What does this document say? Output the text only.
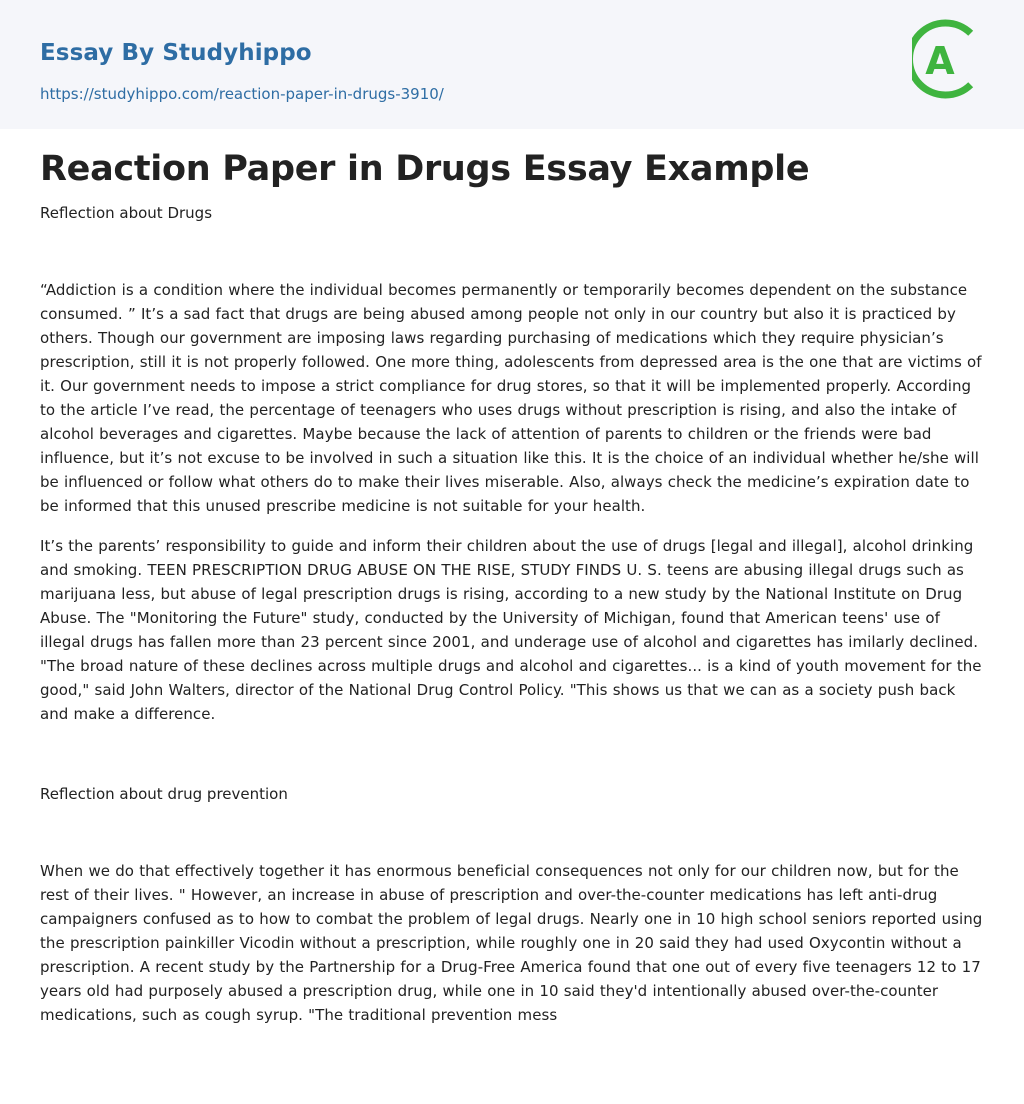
Essay By Studyhippo
https://studyhippo.com/reaction-paper-in-drugs-3910/
A
Reaction Paper in Drugs Essay Example

Reflection about Drugs

“Addiction is a condition where the individual becomes permanently or temporarily becomes dependent on the substance consumed. ” It’s a sad fact that drugs are being abused among people not only in our country but also it is practiced by others. Though our government are imposing laws regarding purchasing of medications which they require physician’s prescription, still it is not properly followed. One more thing, adolescents from depressed area is the one that are victims of it. Our government needs to impose a strict compliance for drug stores, so that it will be implemented properly. According to the article I’ve read, the percentage of teenagers who uses drugs without prescription is rising, and also the intake of alcohol beverages and cigarettes. Maybe because the lack of attention of parents to children or the friends were bad influence, but it’s not excuse to be involved in such a situation like this. It is the choice of an individual whether he/she will be influenced or follow what others do to make their lives miserable. Also, always check the medicine’s expiration date to be informed that this unused prescribe medicine is not suitable for your health.

It’s the parents’ responsibility to guide and inform their children about the use of drugs [legal and illegal], alcohol drinking and smoking. TEEN PRESCRIPTION DRUG ABUSE ON THE RISE, STUDY FINDS U. S. teens are abusing illegal drugs such as marijuana less, but abuse of legal prescription drugs is rising, according to a new study by the National Institute on Drug Abuse. The "Monitoring the Future" study, conducted by the University of Michigan, found that American teens' use of illegal drugs has fallen more than 23 percent since 2001, and underage use of alcohol and cigarettes has imilarly declined. "The broad nature of these declines across multiple drugs and alcohol and cigarettes... is a kind of youth movement for the good," said John Walters, director of the National Drug Control Policy. "This shows us that we can as a society push back and make a difference.

Reflection about drug prevention

When we do that effectively together it has enormous beneficial consequences not only for our children now, but for the rest of their lives. " However, an increase in abuse of prescription and over-the-counter medications has left anti-drug campaigners confused as to how to combat the problem of legal drugs. Nearly one in 10 high school seniors reported using the prescription painkiller Vicodin without a prescription, while roughly one in 20 said they had used Oxycontin without a prescription. A recent study by the Partnership for a Drug-Free America found that one out of every five teenagers 12 to 17 years old had purposely abused a prescription drug, while one in 10 said they'd intentionally abused over-the-counter medications, such as cough syrup. "The traditional prevention mess
